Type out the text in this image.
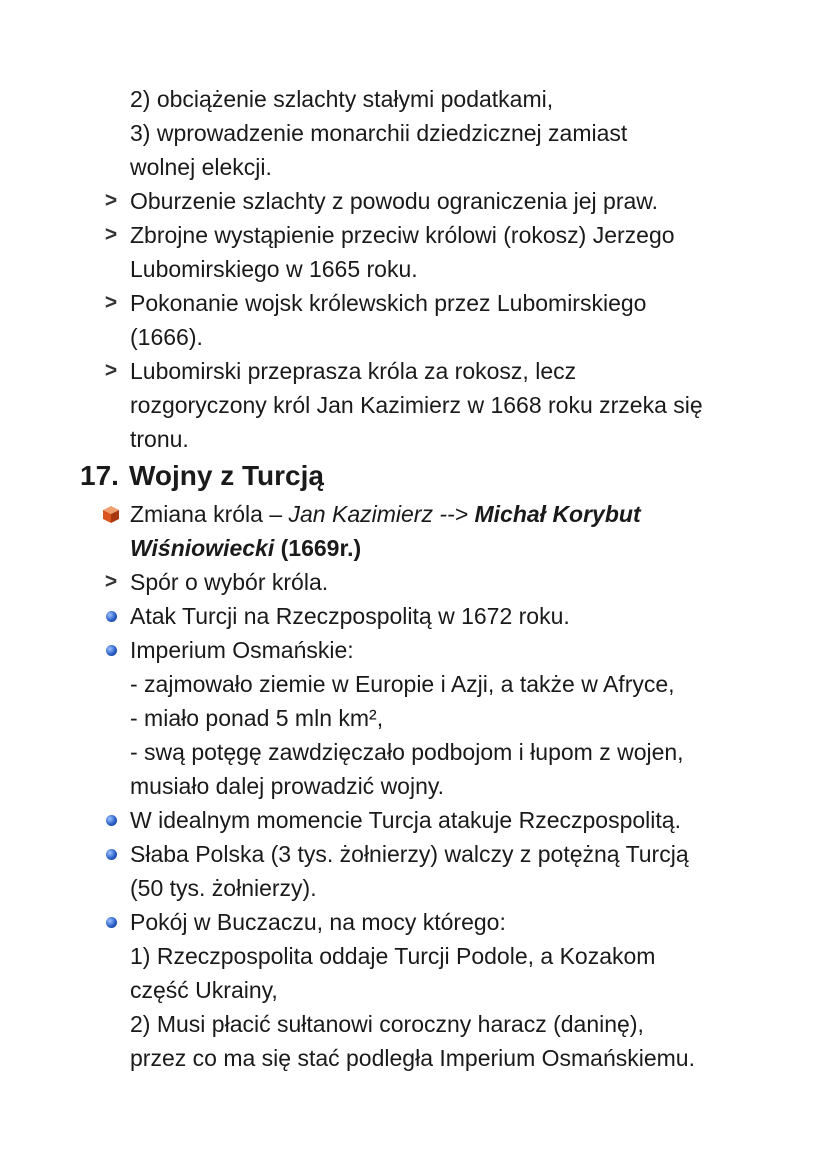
2) obciążenie szlachty stałymi podatkami,
3) wprowadzenie monarchii dziedzicznej zamiast
wolnej elekcji.
> Oburzenie szlachty z powodu ograniczenia jej praw.
> Zbrojne wystąpienie przeciw królowi (rokosz) Jerzego
Lubomirskiego w 1665 roku.
> Pokonanie wojsk królewskich przez Lubomirskiego
(1666).
> Lubomirski przeprasza króla za rokosz, lecz
rozgoryczony król Jan Kazimierz w 1668 roku zrzeka się
tronu.
17. Wojny z Turcją
Zmiana króla – Jan Kazimierz --> Michał Korybut
Wiśniowiecki (1669r.)
> Spór o wybór króla.
Atak Turcji na Rzeczpospolitą w 1672 roku.
Imperium Osmańskie:
- zajmowało ziemie w Europie i Azji, a także w Afryce,
- miało ponad 5 mln km²,
- swą potęgę zawdzięczało podbojom i łupom z wojen,
musiało dalej prowadzić wojny.
W idealnym momencie Turcja atakuje Rzeczpospolitą.
Słaba Polska (3 tys. żołnierzy) walczy z potężną Turcją
(50 tys. żołnierzy).
Pokój w Buczaczu, na mocy którego:
1) Rzeczpospolita oddaje Turcji Podole, a Kozakom
część Ukrainy,
2) Musi płacić sułtanowi coroczny haracz (daninę),
przez co ma się stać podległa Imperium Osmańskiemu.
